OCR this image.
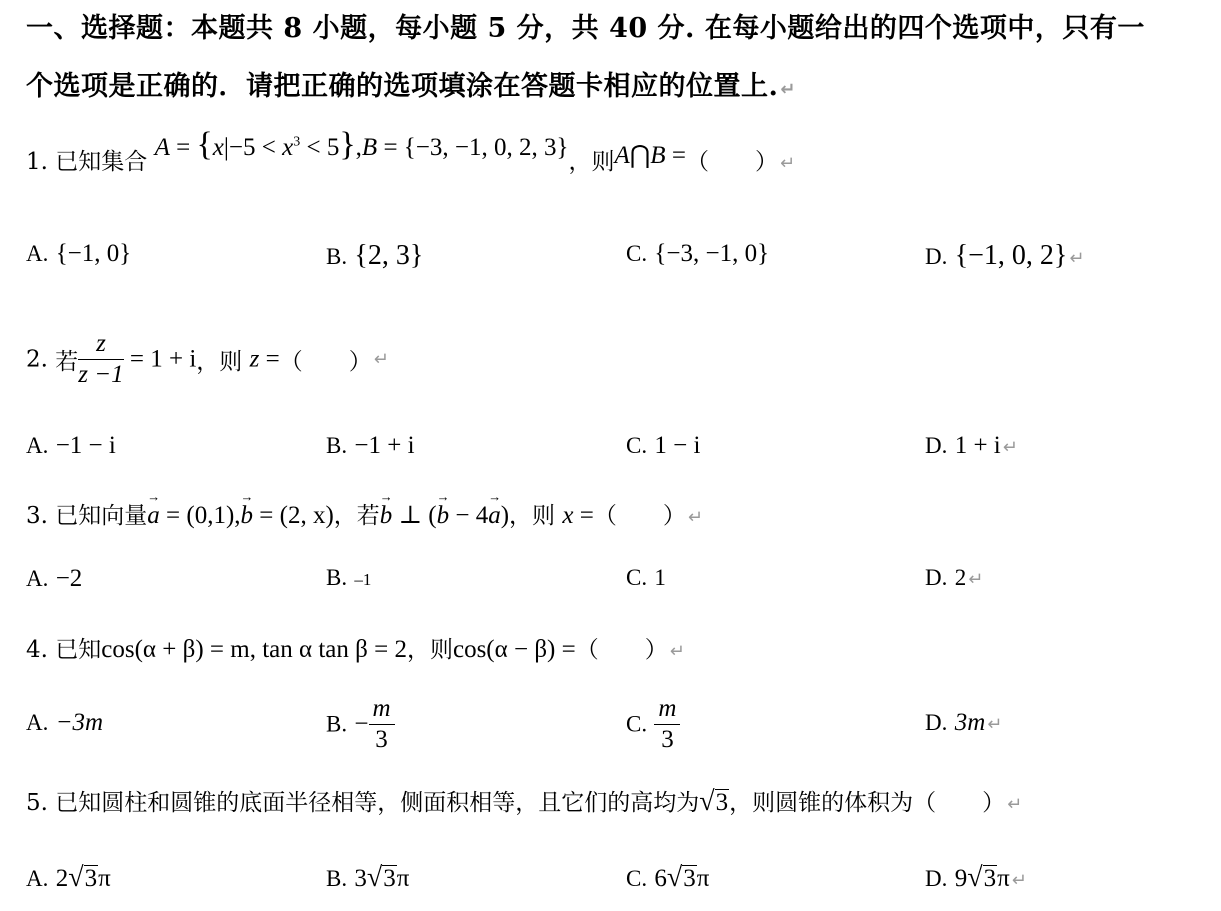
一、选择题：本题共 8 小题，每小题 5 分，共 40 分. 在每小题给出的四个选项中，只有一
个选项是正确的．请把正确的选项填涂在答题卡相应的位置上. ↵
1. 已知集合 $A = \{x|-5 < x^3 < 5\},B = \{-3$, −1, 0, 2, 3}，则A⋂B =（　　） ↵
A. {−1, 0}	B. {2, 3}	C. {−3, −1, 0}	D. {−1, 0, 2} ↵
2. 若 $\frac{z}{z -1} = 1 + i$，则 z =（　　） ↵
A. −1 − i	B. −1 + i	C. 1 − i	D. 1 + i ↵
3. 已知向量→ a = (0,1),→ b = (2, x)，若→ b ⊥ (→ b − 4→ a)，则 x =（　　） ↵
A. −2	B. –1	C. 1	D. 2 ↵
4. 已知cos(α + β) = m, tan α tan β = 2，则cos(α − β) =（　　） ↵
A. −3m	B. − $\frac{m}{3}$	C. $\frac{m}{3}$	D. 3m ↵
5. 已知圆柱和圆锥的底面半径相等，侧面积相等，且它们的高均为√3，则圆锥的体积为（　　） ↵
A. 2√3π	B. 3√3π	C. 6√3π	D. 9√3π ↵
